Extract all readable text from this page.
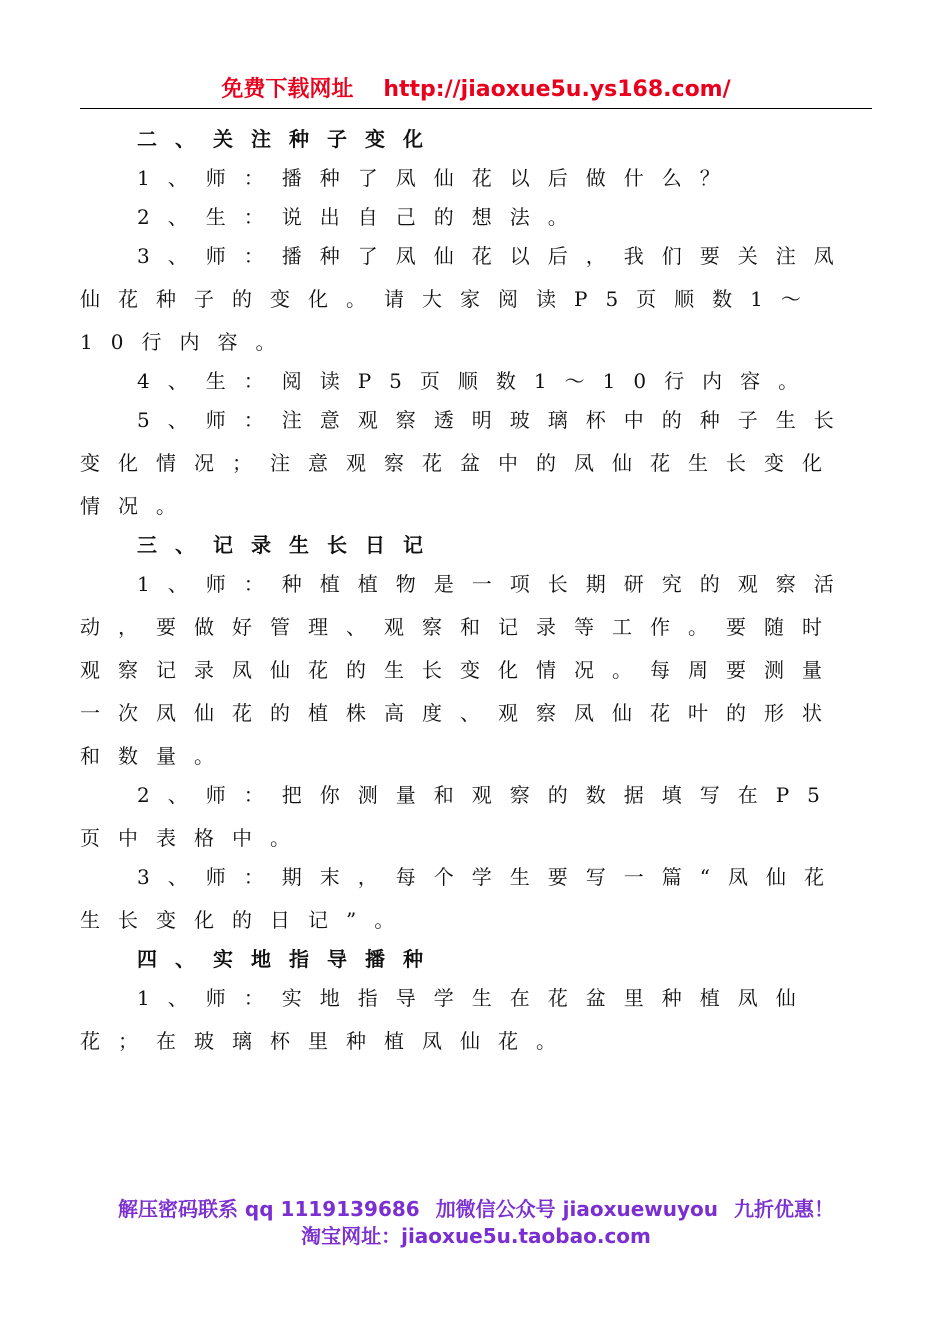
免费下载网址 http://jiaoxue5u.ys168.com/

二、关注种子变化

1、师：播种了凤仙花以后做什么？

2、生：说出自己的想法。

3、师：播种了凤仙花以后，我们要关注凤仙花种子的变化。请大家阅读P5页顺数1～10行内容。

4、生：阅读P5页顺数1～10行内容。

5、师：注意观察透明玻璃杯中的种子生长变化情况；注意观察花盆中的凤仙花生长变化情况。

三、记录生长日记

1、师：种植植物是一项长期研究的观察活动，要做好管理、观察和记录等工作。要随时观察记录凤仙花的生长变化情况。每周要测量一次凤仙花的植株高度、观察凤仙花叶的形状和数量。

2、师：把你测量和观察的数据填写在P5页中表格中。

3、师：期末，每个学生要写一篇“凤仙花生长变化的日记”。

四、实地指导播种

1、师：实地指导学生在花盆里种植凤仙花；在玻璃杯里种植凤仙花。

解压密码联系 qq 1119139686 加微信公众号 jiaoxuewuyou 九折优惠！
淘宝网址：jiaoxue5u.taobao.com
